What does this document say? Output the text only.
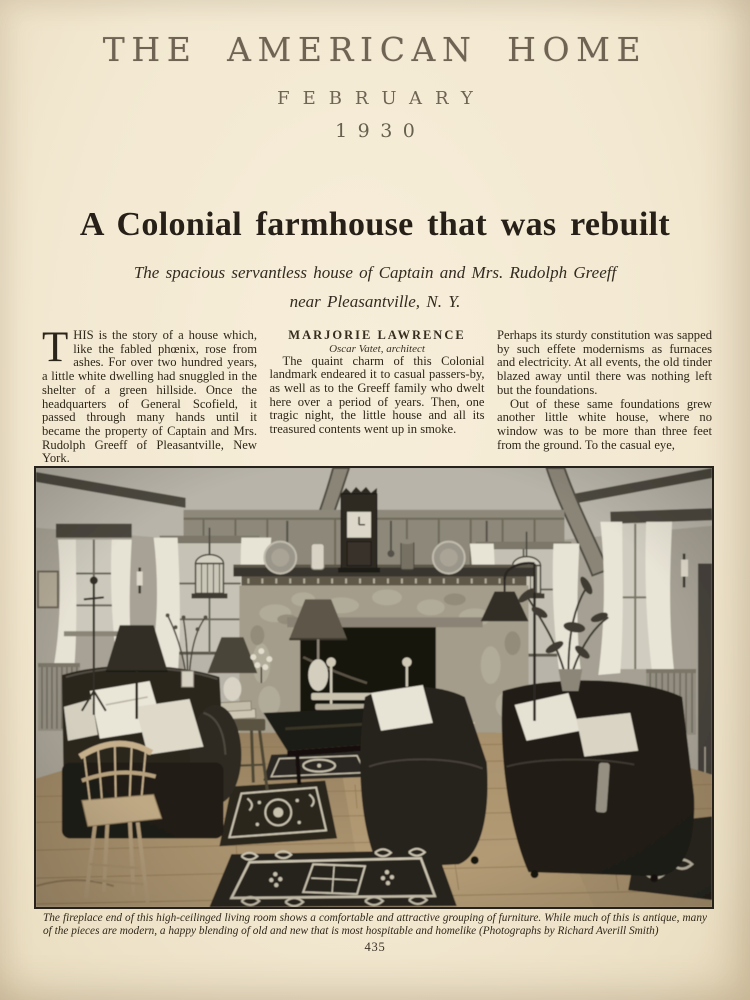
THE AMERICAN HOME
FEBRUARY
1930
A Colonial farmhouse that was rebuilt
The spacious servantless house of Captain and Mrs. Rudolph Greeff
near Pleasantville, N. Y.

THIS is the story of a house which, like the fabled phœnix, rose from ashes. For over two hundred years, a little white dwelling had snuggled in the shelter of a green hillside. Once the headquarters of General Scofield, it passed through many hands until it became the property of Captain and Mrs. Rudolph Greeff of Pleasantville, New York.

MARJORIE LAWRENCE

Oscar Vatet, architect

The quaint charm of this Colonial landmark endeared it to casual passers-by, as well as to the Greeff family who dwelt here over a period of years. Then, one tragic night, the little house and all its treasured contents went up in smoke.

Perhaps its sturdy constitution was sapped by such effete modernisms as furnaces and electricity. At all events, the old tinder blazed away until there was nothing left but the foundations.

Out of these same foundations grew another little white house, where no window was to be more than three feet from the ground. To the casual eye,

The fireplace end of this high-ceilinged living room shows a comfortable and attractive grouping of furniture. While much of this is antique, many of the pieces are modern, a happy blending of old and new that is most hospitable and homelike (Photographs by Richard Averill Smith)
435
